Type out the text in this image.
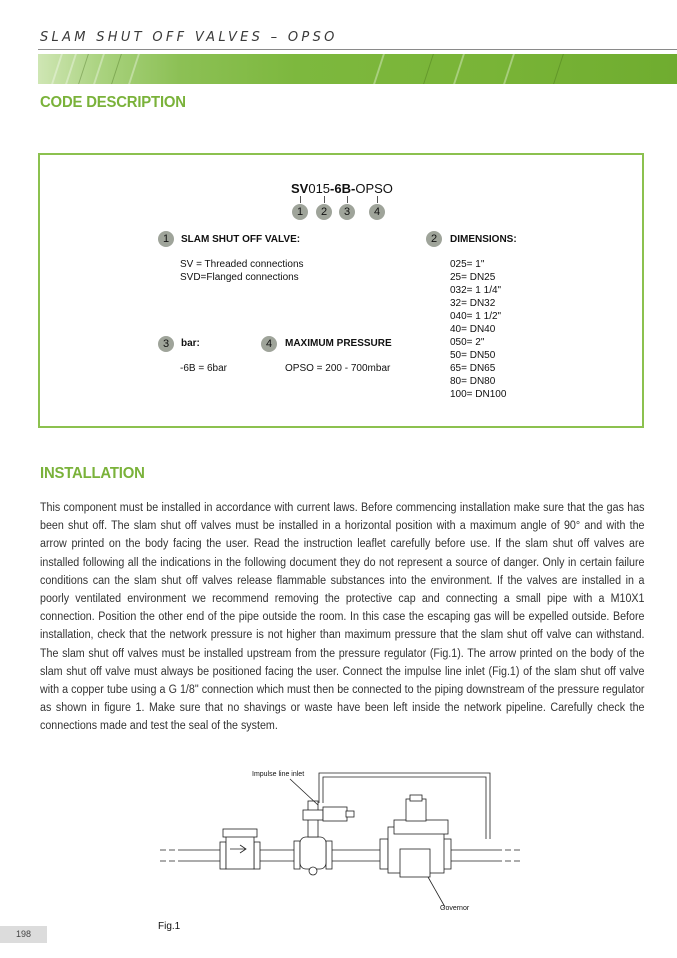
SLAM SHUT OFF VALVES – OPSO
CODE DESCRIPTION
SV015-6B-OPSO
1	2	3	4
1	SLAM SHUT OFF VALVE:
SV = Threaded connections
SVD=Flanged connections
2	DIMENSIONS:
025= 1"
25= DN25
032= 1 1/4"
32= DN32
040= 1 1/2"
40= DN40
050= 2"
50= DN50
65= DN65
80= DN80
100= DN100
3	bar:
-6B = 6bar
4	MAXIMUM PRESSURE
OPSO = 200 - 700mbar
INSTALLATION
This component must be installed in accordance with current laws. Before commencing installation make sure that the gas has been shut off. The slam shut off valves must be installed in a horizontal position with a maximum angle of 90° and with the arrow printed on the body facing the user. Read the instruction leaflet carefully before use. If the slam shut off valves are installed following all the indications in the following document they do not represent a source of danger. Only in certain failure conditions can the slam shut off valves release flammable substances into the environment. If the valves are installed in a poorly ventilated environment we recommend removing the protective cap and connecting a small pipe with a M10X1 connection. Position the other end of the pipe outside the room. In this case the escaping gas will be expelled outside. Before installation, check that the network pressure is not higher than maximum pressure that the slam shut off valve can withstand. The slam shut off valves must be installed upstream from the pressure regulator (Fig.1). The arrow printed on the body of the slam shut off valve must always be positioned facing the user. Connect the impulse line inlet (Fig.1) of the slam shut off valve with a copper tube using a G 1/8" connection which must then be connected to the piping downstream of the pressure regulator as shown in figure 1. Make sure that no shavings or waste have been left inside the network pipeline. Carefully check the connections made and test the seal of the system.
Impulse line inlet
Governor
Fig.1
198
